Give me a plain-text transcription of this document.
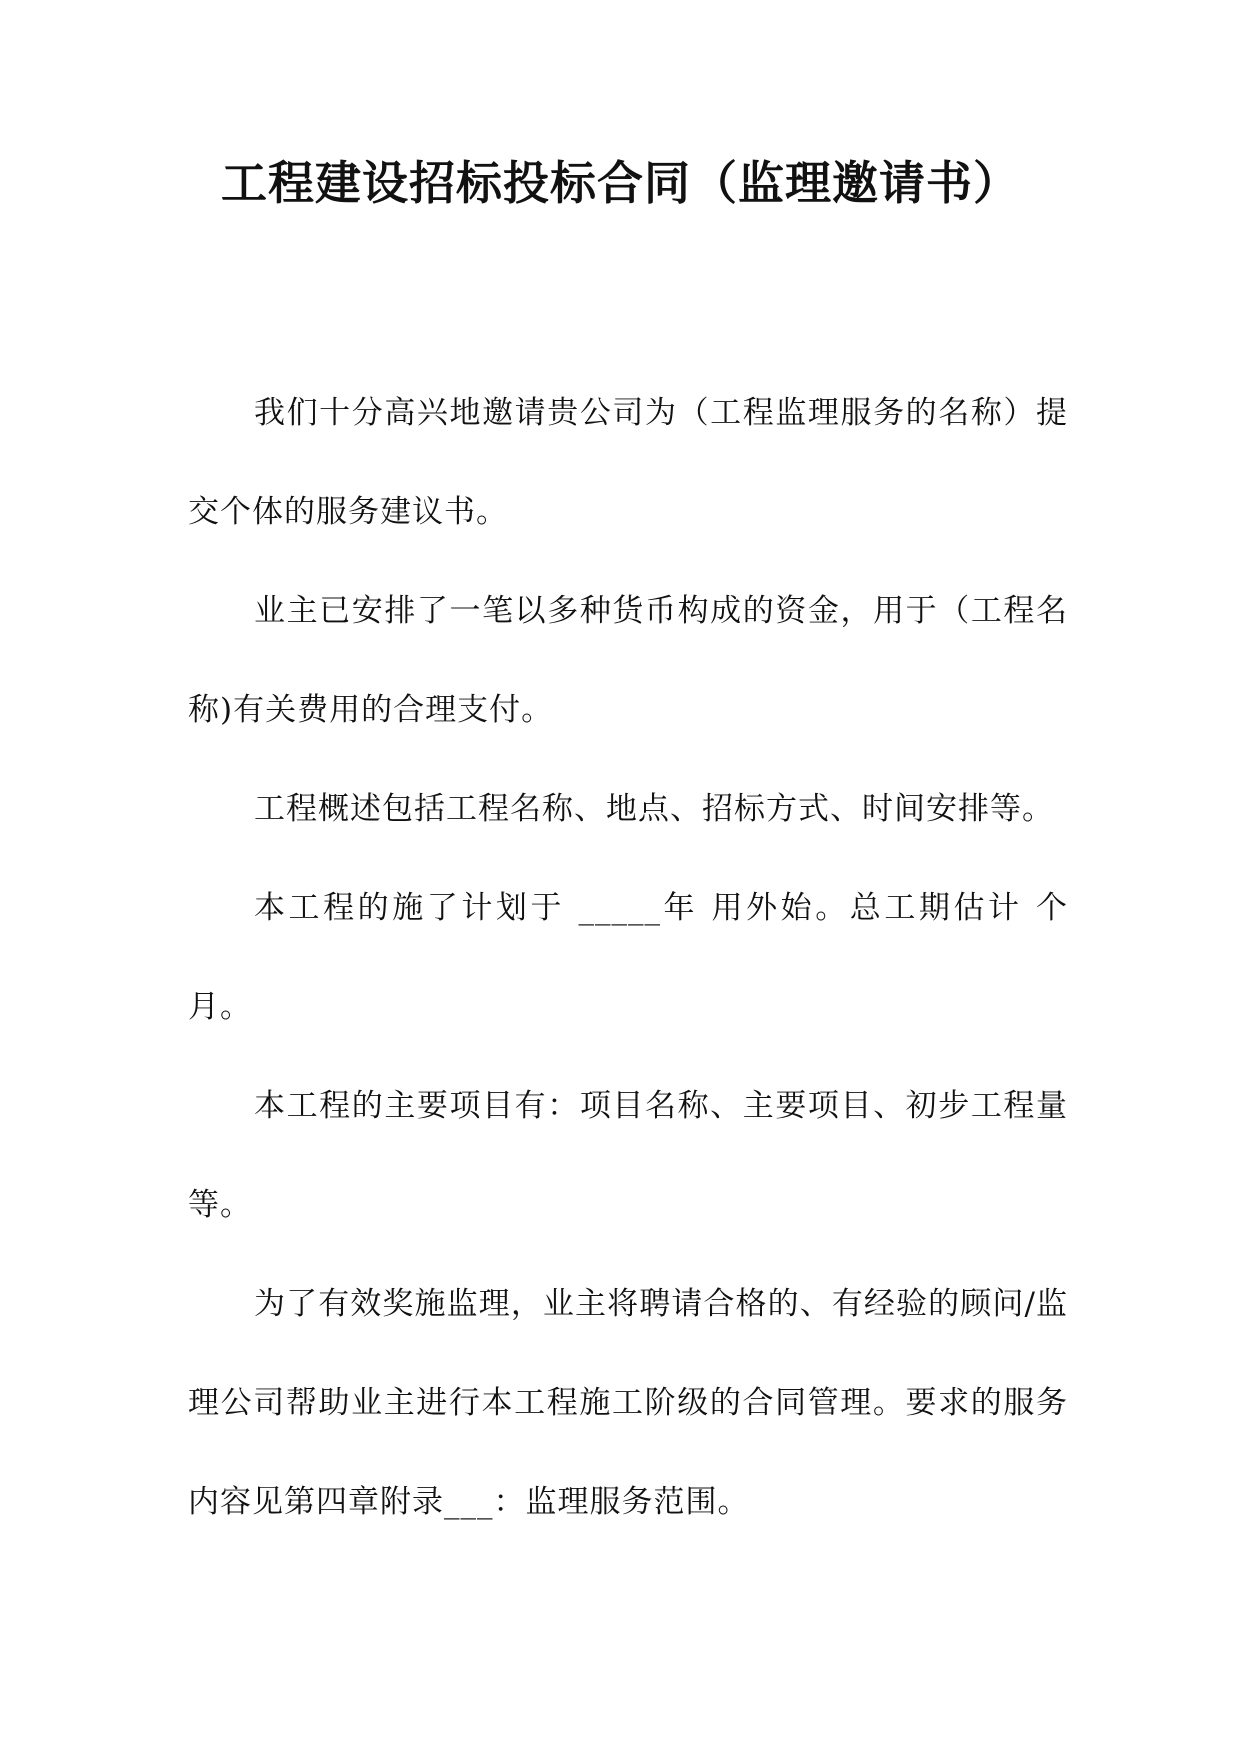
工程建设招标投标合同（监理邀请书）

我们十分高兴地邀请贵公司为（工程监理服务的名称）提交个体的服务建议书。

业主已安排了一笔以多种货币构成的资金，用于（工程名称)有关费用的合理支付。

工程概述包括工程名称、地点、招标方式、时间安排等。

本工程的施了计划于 _____年 用外始。总工期估计 个月。

本工程的主要项目有：项目名称、主要项目、初步工程量等。

为了有效奖施监理，业主将聘请合格的、有经验的顾问/监理公司帮助业主进行本工程施工阶级的合同管理。要求的服务内容见第四章附录___：监理服务范围。
